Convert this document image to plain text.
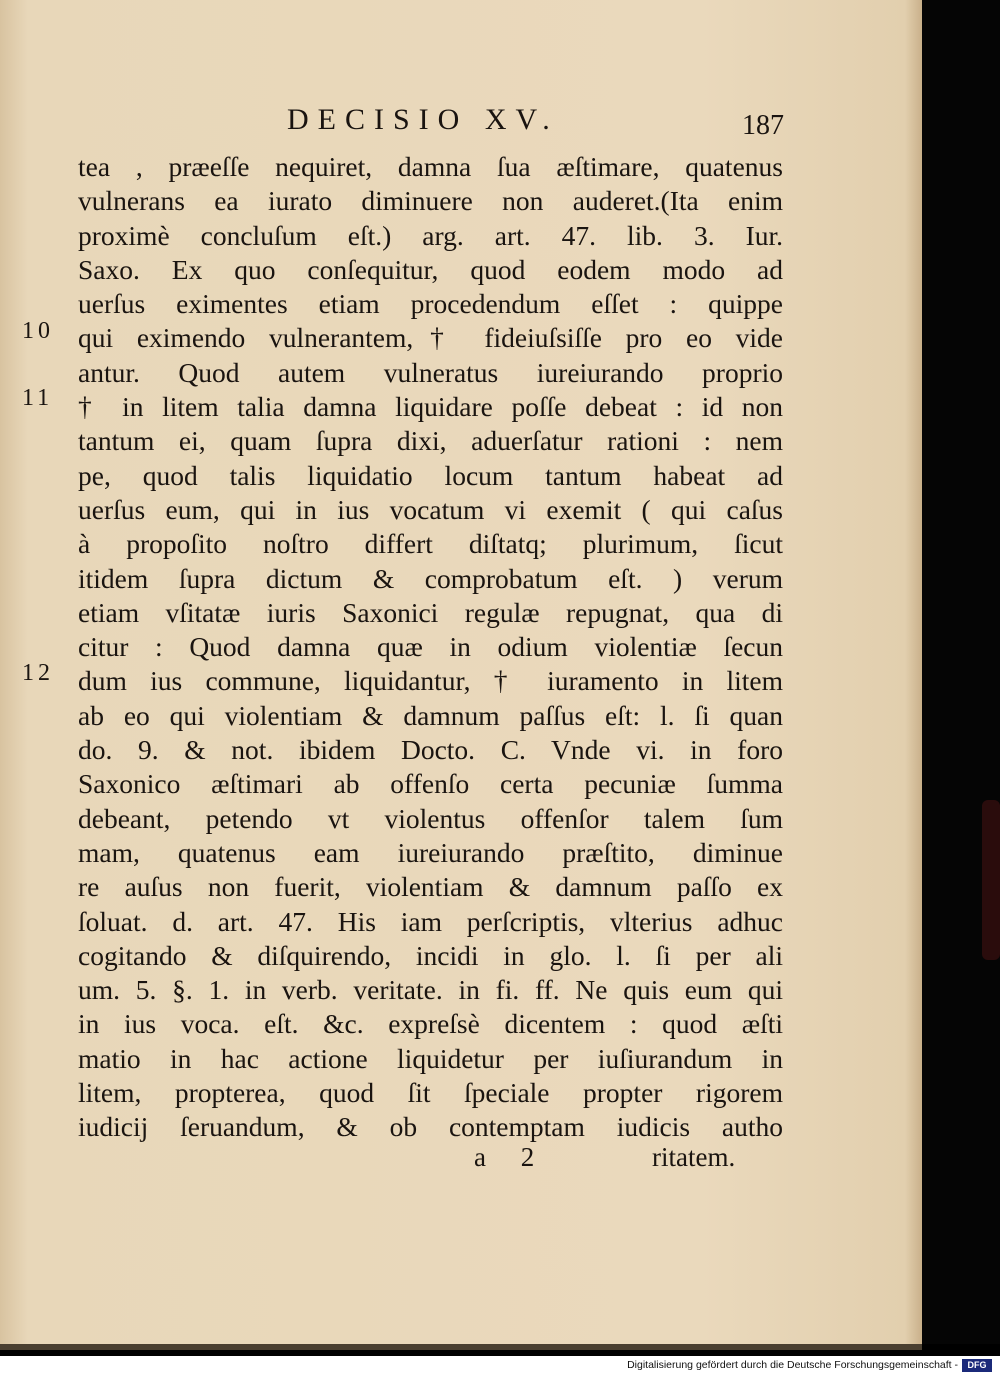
DECISIO XV.	187
10
11
12
tea , præeſſe nequiret, damna ſua æſtimare, quatenus
vulnerans ea iurato diminuere non auderet.(Ita enim
proximè concluſum eſt.) arg. art. 47. lib. 3. Iur.
Saxo. Ex quo conſequitur, quod eodem modo ad
uerſus eximentes etiam procedendum eſſet : quippe
qui eximendo vulnerantem,† fideiuſsiſſe pro eo vide
antur. Quod autem vulneratus iureiurando proprio
† in litem talia damna liquidare poſſe debeat : id non
tantum ei, quam ſupra dixi, aduerſatur rationi : nem
pe, quod talis liquidatio locum tantum habeat ad
uerſus eum, qui in ius vocatum vi exemit ( qui caſus
à propoſito noſtro differt diſtatq; plurimum, ſicut
itidem ſupra dictum & comprobatum eſt. ) verum
etiam vſitatæ iuris Saxonici regulæ repugnat, qua di
citur : Quod damna quæ in odium violentiæ ſecun
dum ius commune, liquidantur, † iuramento in litem
ab eo qui violentiam & damnum paſſus eſt: l. ſi quan
do. 9. & not. ibidem Docto. C. Vnde vi. in foro
Saxonico æſtimari ab offenſo certa pecuniæ ſumma
debeant, petendo vt violentus offenſor talem ſum
mam, quatenus eam iureiurando præſtito, diminue
re auſus non fuerit, violentiam & damnum paſſo ex
ſoluat. d. art. 47. His iam perſcriptis, vlterius adhuc
cogitando & diſquirendo, incidi in glo. l. ſi per ali
um. 5. §. 1. in verb. veritate. in fi. ff. Ne quis eum qui
in ius voca. eſt. &c. expreſsè dicentem : quod æſti
matio in hac actione liquidetur per iuſiurandum in
litem, propterea, quod ſit ſpeciale propter rigorem
iudicij ſeruandum, & ob contemptam iudicis autho
a 2	ritatem.
Digitalisierung gefördert durch die Deutsche Forschungsgemeinschaft -	DFG
